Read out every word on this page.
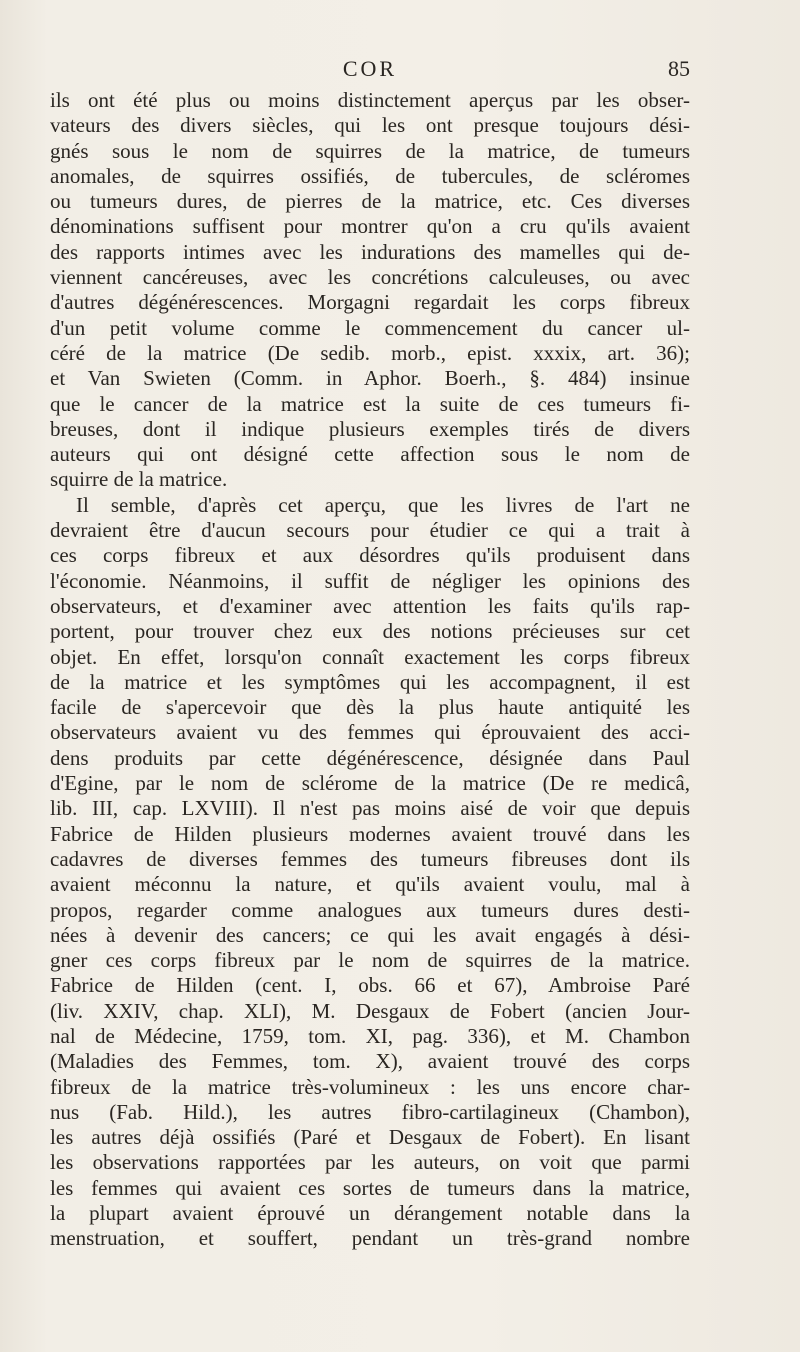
COR	85
ils ont été plus ou moins distinctement aperçus par les obser-
vateurs des divers siècles, qui les ont presque toujours dési-
gnés sous le nom de squirres de la matrice, de tumeurs
anomales, de squirres ossifiés, de tubercules, de scléromes
ou tumeurs dures, de pierres de la matrice, etc. Ces diverses
dénominations suffisent pour montrer qu'on a cru qu'ils avaient
des rapports intimes avec les indurations des mamelles qui de-
viennent cancéreuses, avec les concrétions calculeuses, ou avec
d'autres dégénérescences. Morgagni regardait les corps fibreux
d'un petit volume comme le commencement du cancer ul-
céré de la matrice (De sedib. morb., epist. xxxix, art. 36);
et Van Swieten (Comm. in Aphor. Boerh., §. 484) insinue
que le cancer de la matrice est la suite de ces tumeurs fi-
breuses, dont il indique plusieurs exemples tirés de divers
auteurs qui ont désigné cette affection sous le nom de
squirre de la matrice.
Il semble, d'après cet aperçu, que les livres de l'art ne
devraient être d'aucun secours pour étudier ce qui a trait à
ces corps fibreux et aux désordres qu'ils produisent dans
l'économie. Néanmoins, il suffit de négliger les opinions des
observateurs, et d'examiner avec attention les faits qu'ils rap-
portent, pour trouver chez eux des notions précieuses sur cet
objet. En effet, lorsqu'on connaît exactement les corps fibreux
de la matrice et les symptômes qui les accompagnent, il est
facile de s'apercevoir que dès la plus haute antiquité les
observateurs avaient vu des femmes qui éprouvaient des acci-
dens produits par cette dégénérescence, désignée dans Paul
d'Egine, par le nom de sclérome de la matrice (De re medicâ,
lib. III, cap. LXVIII). Il n'est pas moins aisé de voir que depuis
Fabrice de Hilden plusieurs modernes avaient trouvé dans les
cadavres de diverses femmes des tumeurs fibreuses dont ils
avaient méconnu la nature, et qu'ils avaient voulu, mal à
propos, regarder comme analogues aux tumeurs dures desti-
nées à devenir des cancers; ce qui les avait engagés à dési-
gner ces corps fibreux par le nom de squirres de la matrice.
Fabrice de Hilden (cent. I, obs. 66 et 67), Ambroise Paré
(liv. XXIV, chap. XLI), M. Desgaux de Fobert (ancien Jour-
nal de Médecine, 1759, tom. XI, pag. 336), et M. Chambon
(Maladies des Femmes, tom. X), avaient trouvé des corps
fibreux de la matrice très-volumineux : les uns encore char-
nus (Fab. Hild.), les autres fibro-cartilagineux (Chambon),
les autres déjà ossifiés (Paré et Desgaux de Fobert). En lisant
les observations rapportées par les auteurs, on voit que parmi
les femmes qui avaient ces sortes de tumeurs dans la matrice,
la plupart avaient éprouvé un dérangement notable dans la
menstruation, et souffert, pendant un très-grand nombre
